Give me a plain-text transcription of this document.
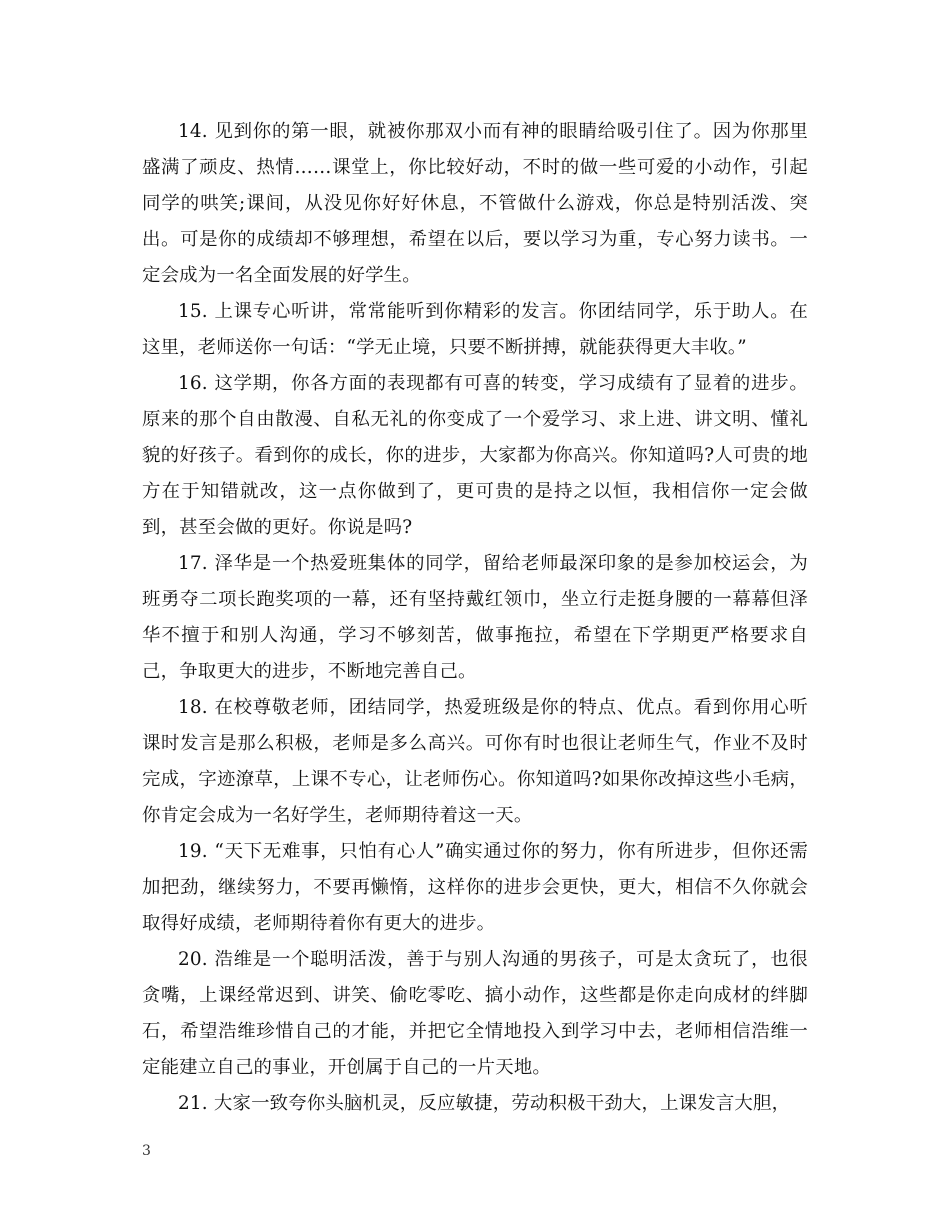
14. 见到你的第一眼，就被你那双小而有神的眼睛给吸引住了。因为你那里盛满了顽皮、热情……课堂上，你比较好动，不时的做一些可爱的小动作，引起同学的哄笑;课间，从没见你好好休息，不管做什么游戏，你总是特别活泼、突出。可是你的成绩却不够理想，希望在以后，要以学习为重，专心努力读书。一定会成为一名全面发展的好学生。

15. 上课专心听讲，常常能听到你精彩的发言。你团结同学，乐于助人。在这里，老师送你一句话：“学无止境，只要不断拼搏，就能获得更大丰收。”

16. 这学期，你各方面的表现都有可喜的转变，学习成绩有了显着的进步。原来的那个自由散漫、自私无礼的你变成了一个爱学习、求上进、讲文明、懂礼貌的好孩子。看到你的成长，你的进步，大家都为你高兴。你知道吗?人可贵的地方在于知错就改，这一点你做到了，更可贵的是持之以恒，我相信你一定会做到，甚至会做的更好。你说是吗?

17. 泽华是一个热爱班集体的同学，留给老师最深印象的是参加校运会，为班勇夺二项长跑奖项的一幕，还有坚持戴红领巾，坐立行走挺身腰的一幕幕但泽华不擅于和别人沟通，学习不够刻苦，做事拖拉，希望在下学期更严格要求自己，争取更大的进步，不断地完善自己。

18. 在校尊敬老师，团结同学，热爱班级是你的特点、优点。看到你用心听课时发言是那么积极，老师是多么高兴。可你有时也很让老师生气，作业不及时完成，字迹潦草，上课不专心，让老师伤心。你知道吗?如果你改掉这些小毛病，你肯定会成为一名好学生，老师期待着这一天。

19. “天下无难事，只怕有心人”确实通过你的努力，你有所进步，但你还需加把劲，继续努力，不要再懒惰，这样你的进步会更快，更大，相信不久你就会取得好成绩，老师期待着你有更大的进步。

20. 浩维是一个聪明活泼，善于与别人沟通的男孩子，可是太贪玩了，也很贪嘴，上课经常迟到、讲笑、偷吃零吃、搞小动作，这些都是你走向成材的绊脚石，希望浩维珍惜自己的才能，并把它全情地投入到学习中去，老师相信浩维一定能建立自己的事业，开创属于自己的一片天地。

21. 大家一致夸你头脑机灵，反应敏捷，劳动积极干劲大，上课发言大胆，

3
